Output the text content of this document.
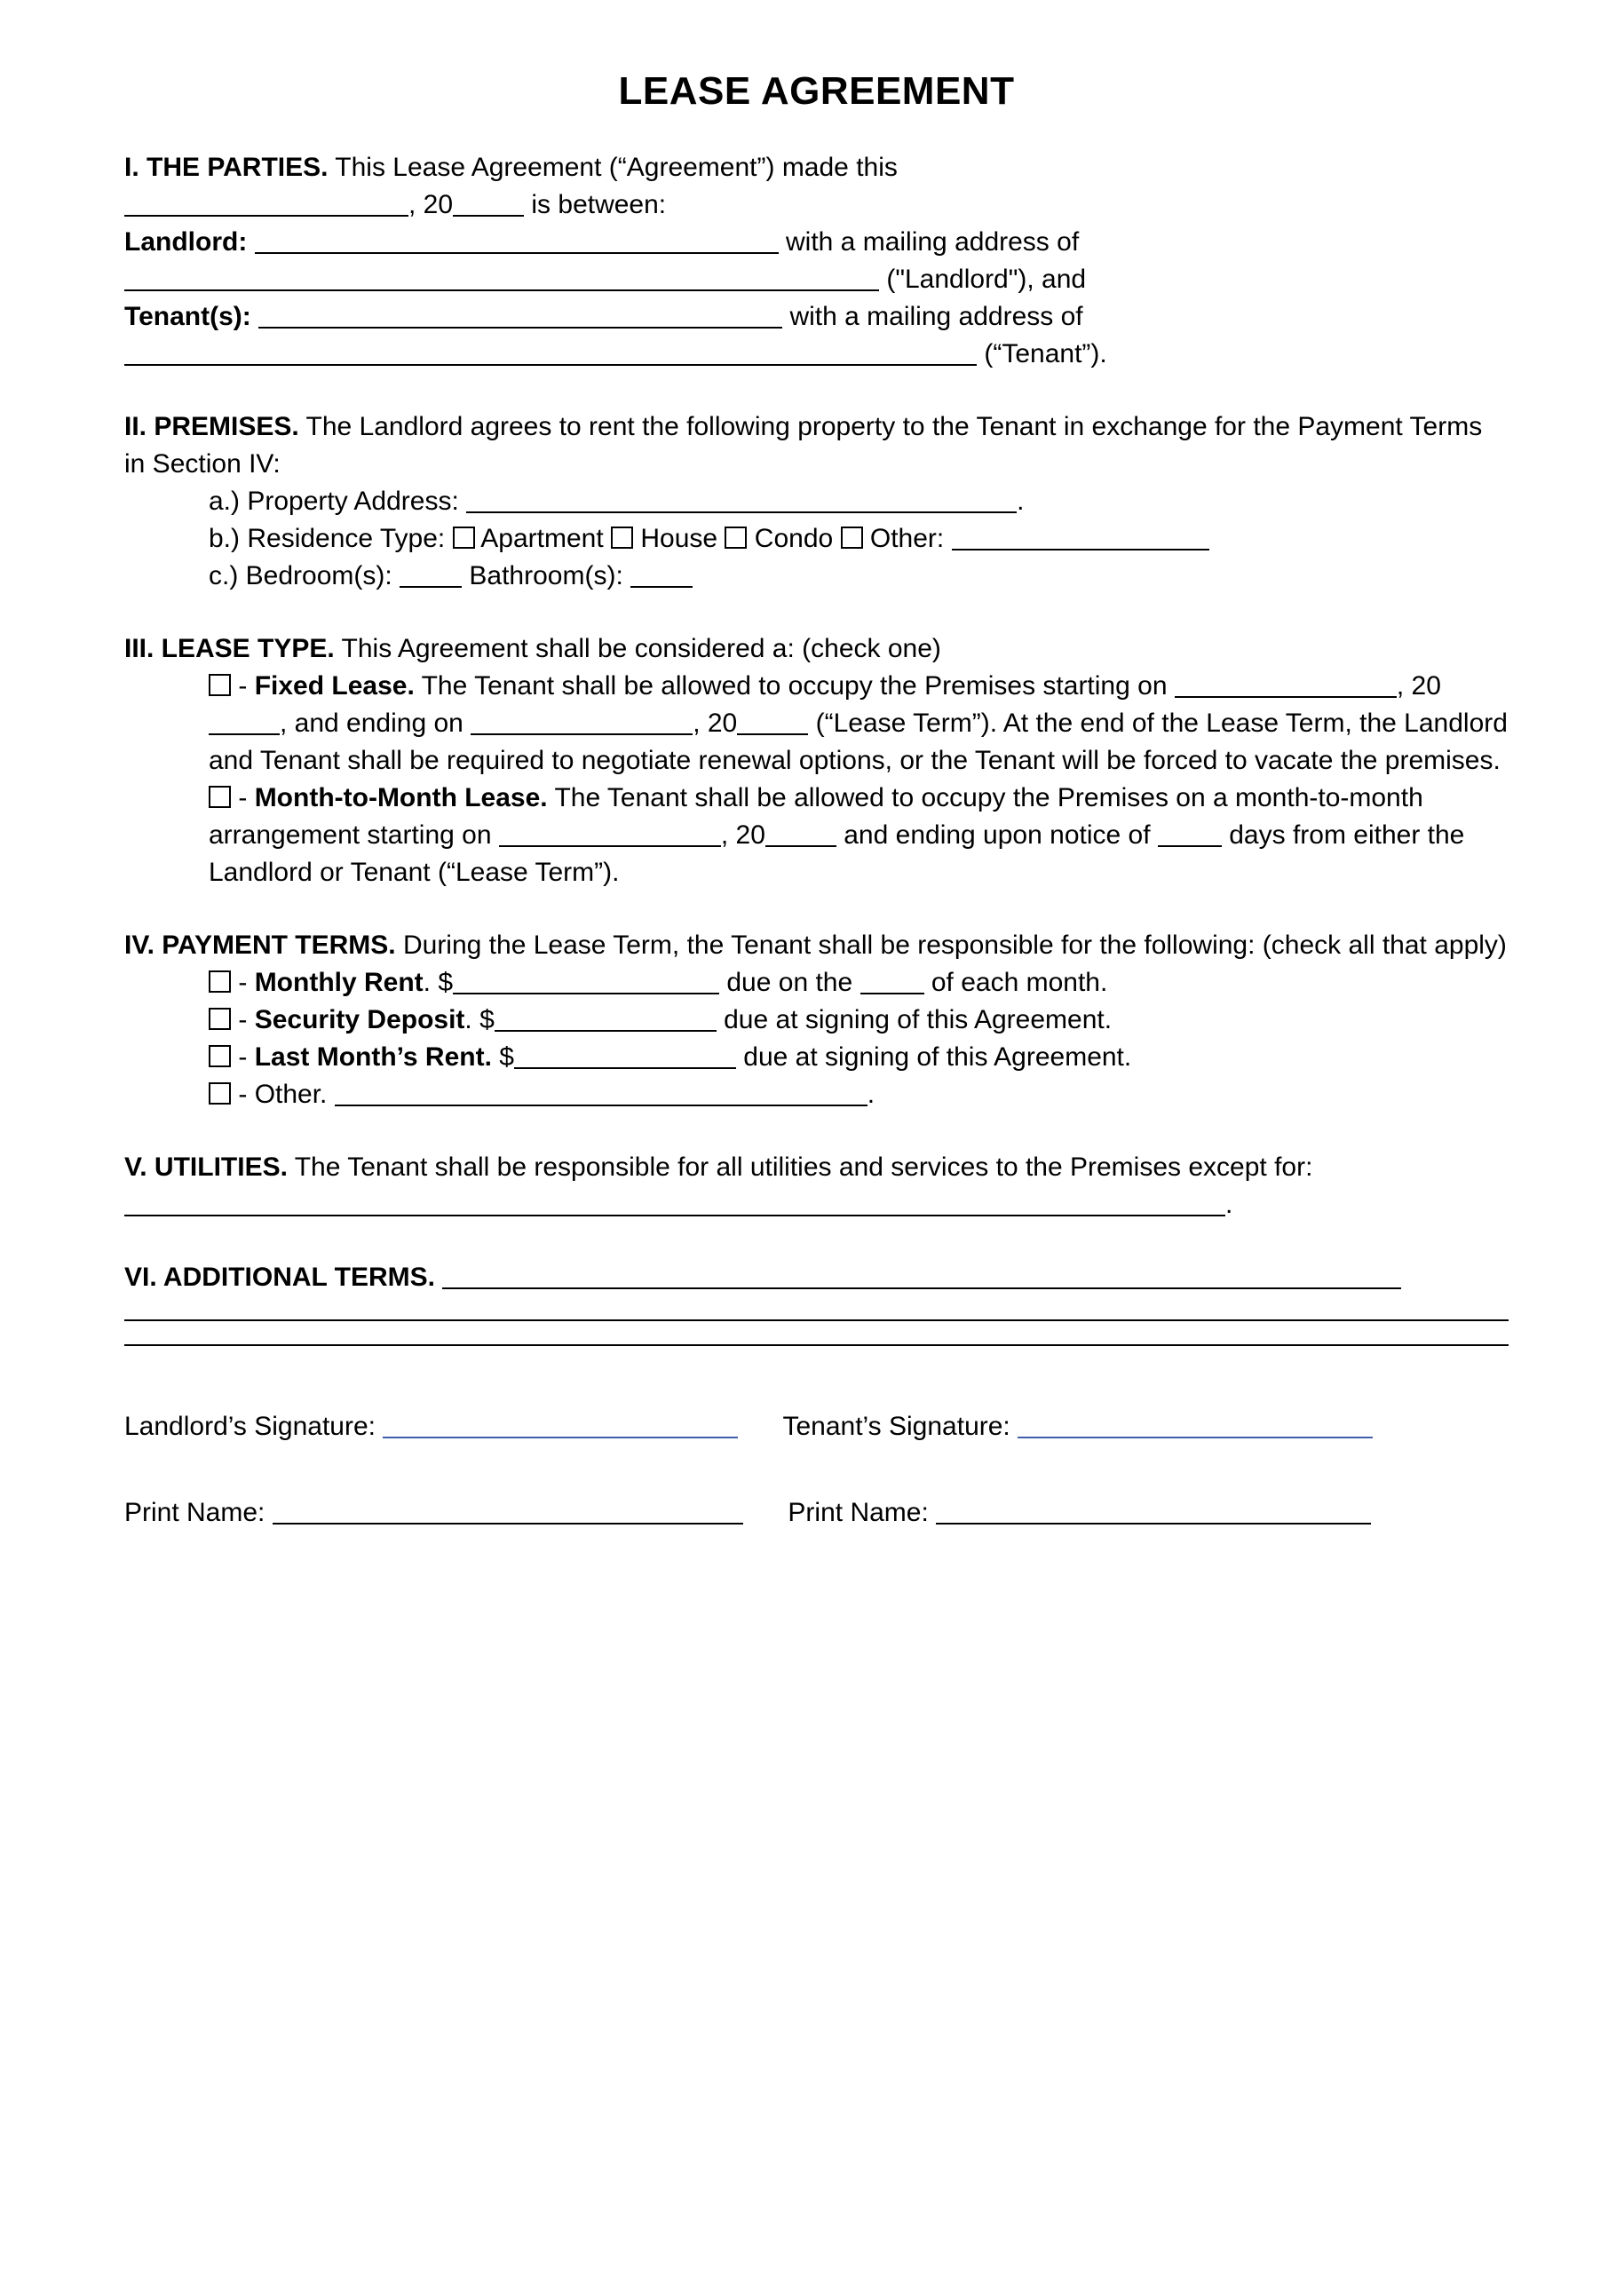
LEASE AGREEMENT
I. THE PARTIES. This Lease Agreement (“Agreement”) made this
, 20	is between:
Landlord:	with a mailing address of
("Landlord"), and
Tenant(s):	with a mailing address of
(“Tenant”).
II. PREMISES. The Landlord agrees to rent the following property to the Tenant in exchange for the Payment Terms in Section IV:
a.) Property Address:	.
b.) Residence Type: Apartment House Condo Other:
c.) Bedroom(s):	Bathroom(s):
III. LEASE TYPE. This Agreement shall be considered a: (check one)
- Fixed Lease. The Tenant shall be allowed to occupy the Premises starting on	, 20, and ending on	, 20	(“Lease Term”). At the end of the Lease Term, the Landlord and Tenant shall be required to negotiate renewal options, or the Tenant will be forced to vacate the premises.
- Month-to-Month Lease. The Tenant shall be allowed to occupy the Premises on a month-to-month arrangement starting on	, 20	and ending upon notice of	days from either the Landlord or Tenant (“Lease Term”).
IV. PAYMENT TERMS. During the Lease Term, the Tenant shall be responsible for the following: (check all that apply)
- Monthly Rent. $	due on the	of each month.
- Security Deposit. $	due at signing of this Agreement.
- Last Month’s Rent. $	due at signing of this Agreement.
- Other.	.
V. UTILITIES. The Tenant shall be responsible for all utilities and services to the Premises except for: .
VI. ADDITIONAL TERMS.
Landlord’s Signature:	Tenant’s Signature:
Print Name:	Print Name:
